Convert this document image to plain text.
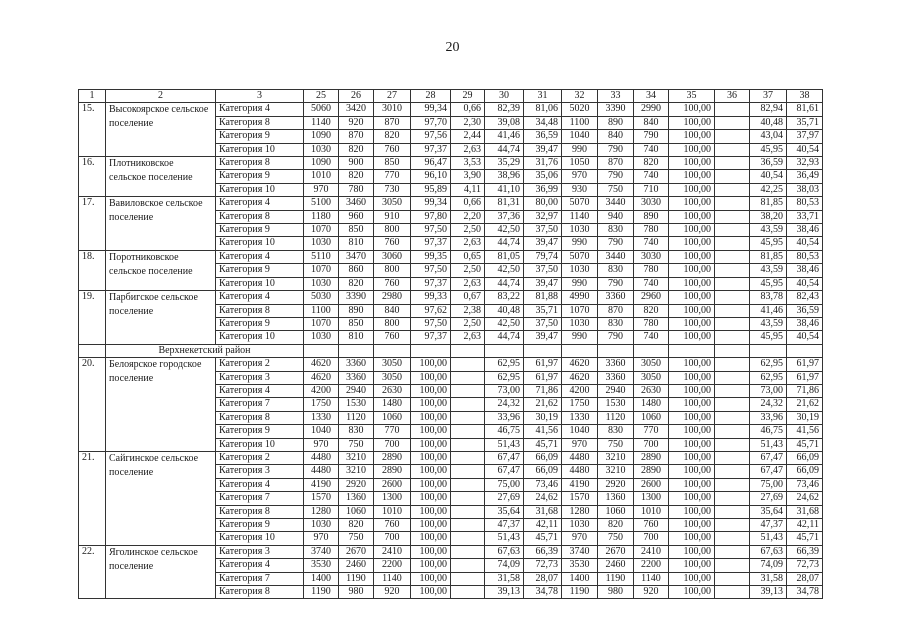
20
1	2	3	25	26	27	28	29	30	31	32	33	34	35	36	37	38
15.	Высокоярское сельское поселение	Категория 4	5060	3420	3010	99,34	0,66	82,39	81,06	5020	3390	2990	100,00		82,94	81,61
		Категория 8	1140	920	870	97,70	2,30	39,08	34,48	1100	890	840	100,00		40,48	35,71
		Категория 9	1090	870	820	97,56	2,44	41,46	36,59	1040	840	790	100,00		43,04	37,97
		Категория 10	1030	820	760	97,37	2,63	44,74	39,47	990	790	740	100,00		45,95	40,54
16.	Плотниковское сельское поселение	Категория 8	1090	900	850	96,47	3,53	35,29	31,76	1050	870	820	100,00		36,59	32,93
		Категория 9	1010	820	770	96,10	3,90	38,96	35,06	970	790	740	100,00		40,54	36,49
		Категория 10	970	780	730	95,89	4,11	41,10	36,99	930	750	710	100,00		42,25	38,03
17.	Вавиловское сельское поселение	Категория 4	5100	3460	3050	99,34	0,66	81,31	80,00	5070	3440	3030	100,00		81,85	80,53
		Категория 8	1180	960	910	97,80	2,20	37,36	32,97	1140	940	890	100,00		38,20	33,71
		Категория 9	1070	850	800	97,50	2,50	42,50	37,50	1030	830	780	100,00		43,59	38,46
		Категория 10	1030	810	760	97,37	2,63	44,74	39,47	990	790	740	100,00		45,95	40,54
18.	Поротниковское сельское поселение	Категория 4	5110	3470	3060	99,35	0,65	81,05	79,74	5070	3440	3030	100,00		81,85	80,53
		Категория 9	1070	860	800	97,50	2,50	42,50	37,50	1030	830	780	100,00		43,59	38,46
		Категория 10	1030	820	760	97,37	2,63	44,74	39,47	990	790	740	100,00		45,95	40,54
19.	Парбигское сельское поселение	Категория 4	5030	3390	2980	99,33	0,67	83,22	81,88	4990	3360	2960	100,00		83,78	82,43
		Категория 8	1100	890	840	97,62	2,38	40,48	35,71	1070	870	820	100,00		41,46	36,59
		Категория 9	1070	850	800	97,50	2,50	42,50	37,50	1030	830	780	100,00		43,59	38,46
		Категория 10	1030	810	760	97,37	2,63	44,74	39,47	990	790	740	100,00		45,95	40,54
	Верхнекетский район															
20.	Белоярское городское поселение	Категория 2	4620	3360	3050	100,00		62,95	61,97	4620	3360	3050	100,00		62,95	61,97
		Категория 3	4620	3360	3050	100,00		62,95	61,97	4620	3360	3050	100,00		62,95	61,97
		Категория 4	4200	2940	2630	100,00		73,00	71,86	4200	2940	2630	100,00		73,00	71,86
		Категория 7	1750	1530	1480	100,00		24,32	21,62	1750	1530	1480	100,00		24,32	21,62
		Категория 8	1330	1120	1060	100,00		33,96	30,19	1330	1120	1060	100,00		33,96	30,19
		Категория 9	1040	830	770	100,00		46,75	41,56	1040	830	770	100,00		46,75	41,56
		Категория 10	970	750	700	100,00		51,43	45,71	970	750	700	100,00		51,43	45,71
21.	Сайгинское сельское поселение	Категория 2	4480	3210	2890	100,00		67,47	66,09	4480	3210	2890	100,00		67,47	66,09
		Категория 3	4480	3210	2890	100,00		67,47	66,09	4480	3210	2890	100,00		67,47	66,09
		Категория 4	4190	2920	2600	100,00		75,00	73,46	4190	2920	2600	100,00		75,00	73,46
		Категория 7	1570	1360	1300	100,00		27,69	24,62	1570	1360	1300	100,00		27,69	24,62
		Категория 8	1280	1060	1010	100,00		35,64	31,68	1280	1060	1010	100,00		35,64	31,68
		Категория 9	1030	820	760	100,00		47,37	42,11	1030	820	760	100,00		47,37	42,11
		Категория 10	970	750	700	100,00		51,43	45,71	970	750	700	100,00		51,43	45,71
22.	Яголинское сельское поселение	Категория 3	3740	2670	2410	100,00		67,63	66,39	3740	2670	2410	100,00		67,63	66,39
		Категория 4	3530	2460	2200	100,00		74,09	72,73	3530	2460	2200	100,00		74,09	72,73
		Категория 7	1400	1190	1140	100,00		31,58	28,07	1400	1190	1140	100,00		31,58	28,07
		Категория 8	1190	980	920	100,00		39,13	34,78	1190	980	920	100,00		39,13	34,78
